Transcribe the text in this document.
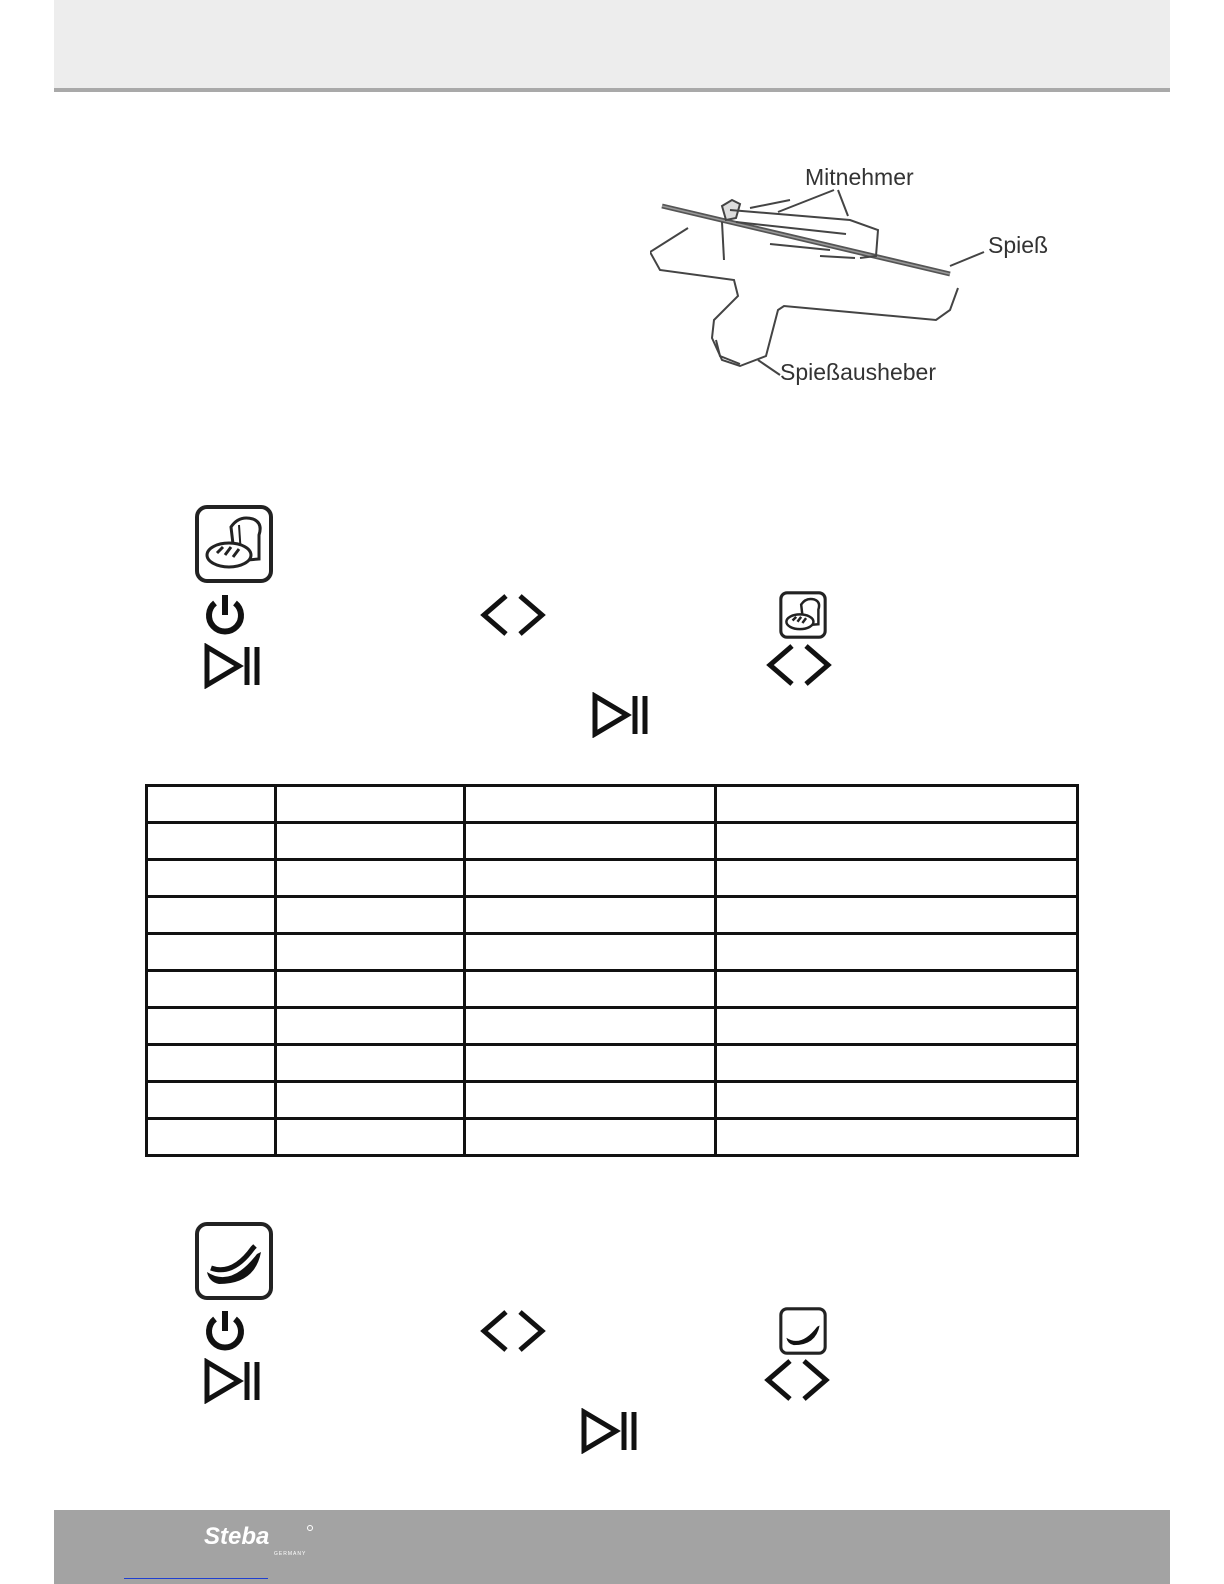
Mitnehmer
Spieß
Spießausheber

Steba
GERMANY
